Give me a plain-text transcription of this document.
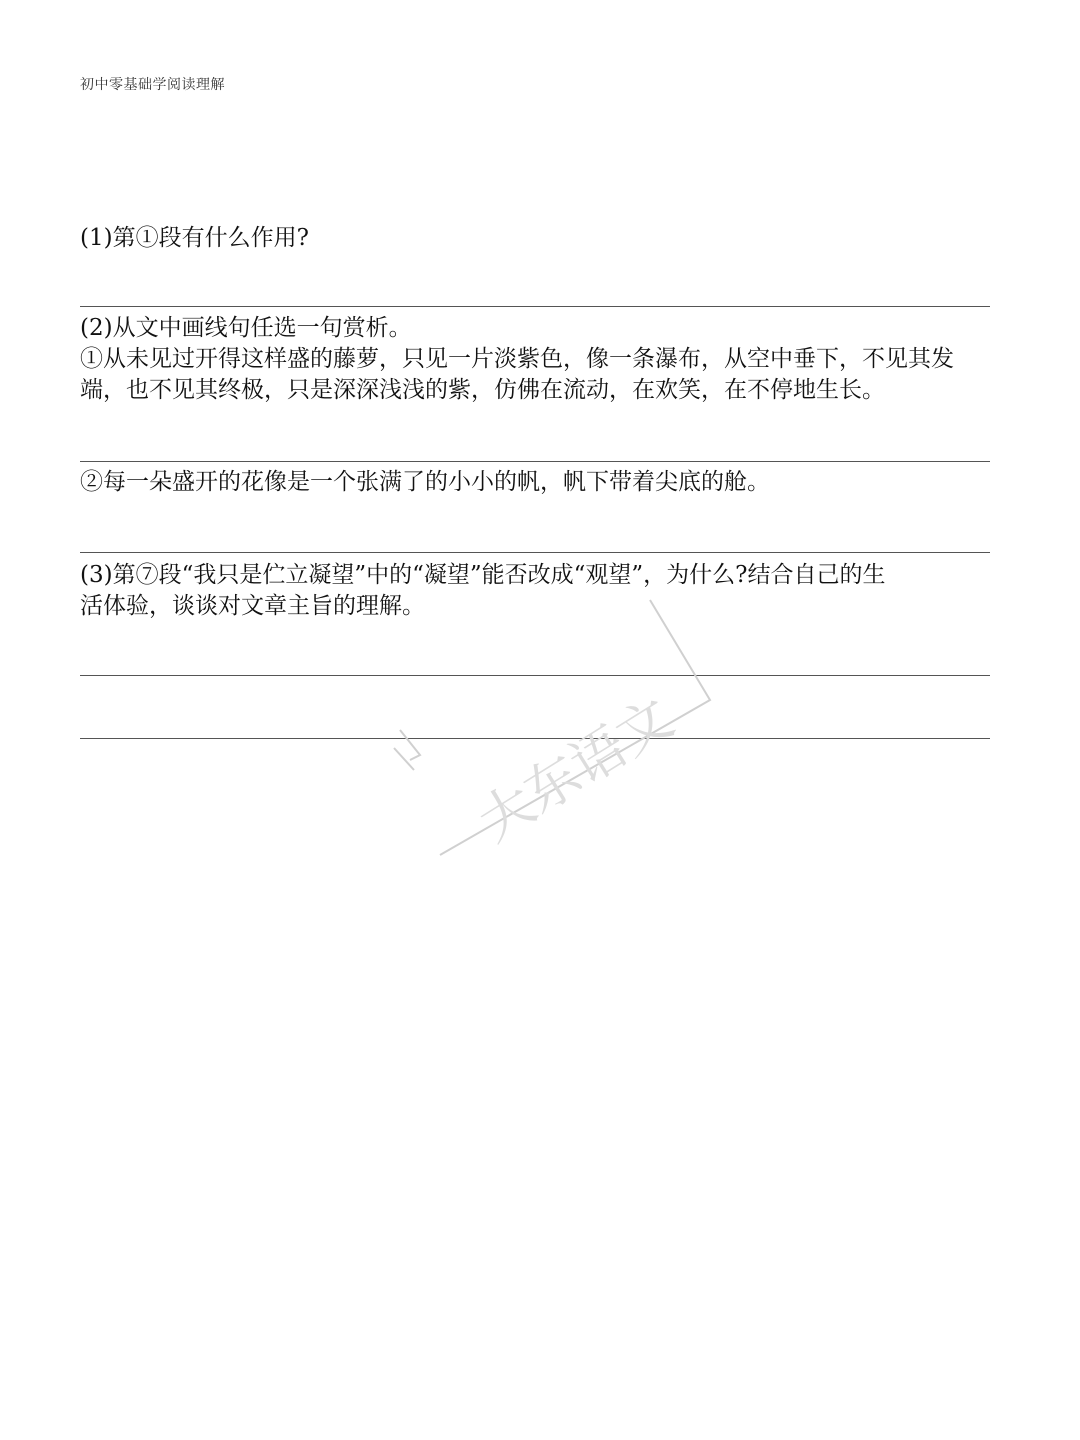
初中零基础学阅读理解
(1)第①段有什么作用?
(2)从文中画线句任选一句赏析。
①从未见过开得这样盛的藤萝，只见一片淡紫色，像一条瀑布，从空中垂下，不见其发
端，也不见其终极，只是深深浅浅的紫，仿佛在流动，在欢笑，在不停地生长。
②每一朵盛开的花像是一个张满了的小小的帆，帆下带着尖底的舱。
(3)第⑦段“我只是伫立凝望”中的“凝望”能否改成“观望”，为什么?结合自己的生
活体验，谈谈对文章主旨的理解。
大东语文
